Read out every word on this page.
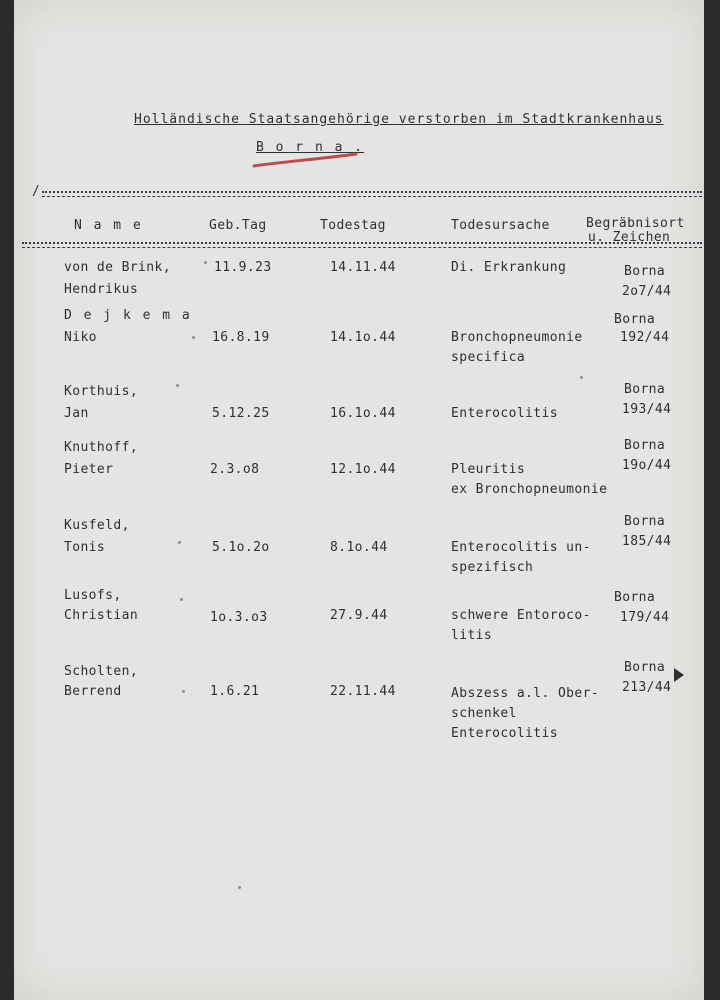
Holländische Staatsangehörige verstorben im Stadtkrankenhaus
B o r n a .
/
N a m e	Geb.Tag	Todestag	Todesursache	Begräbnisort
u. Zeichen
von de Brink,
Hendrikus
11.9.23	14.11.44	Di. Erkrankung	Borna
2o7/44
D e j k e m a
Niko	16.8.19	14.1o.44	Bronchopneumonie
specifica
Borna
192/44
Korthuis,
Jan	5.12.25	16.1o.44	Enterocolitis
Borna
193/44
Knuthoff,
Pieter	2.3.o8	12.1o.44	Pleuritis
ex Bronchopneumonie
Borna
19o/44
Kusfeld,
Tonis	5.1o.2o	8.1o.44	Enterocolitis un-
spezifisch
Borna
185/44
Lusofs,
Christian	1o.3.o3	27.9.44	schwere Entoroco-
litis
Borna
179/44
Scholten,
Berrend	1.6.21	22.11.44	Abszess a.l. Ober-
schenkel
Enterocolitis
Borna
213/44
